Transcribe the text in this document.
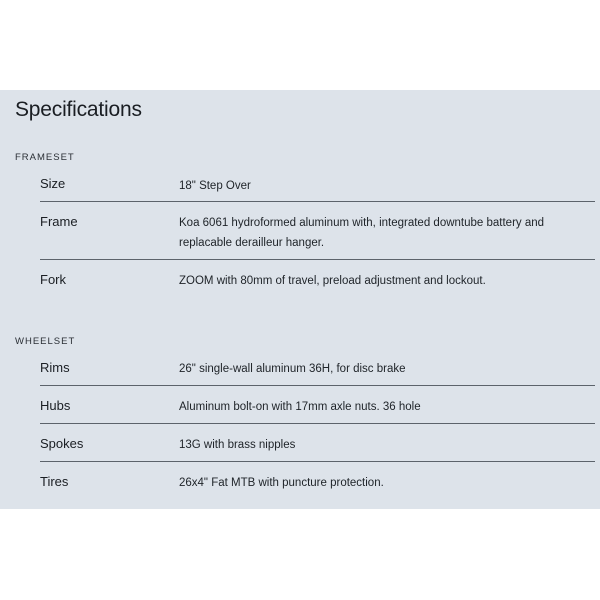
Specifications
FRAMESET
Size	18" Step Over
Frame	Koa 6061 hydroformed aluminum with, integrated downtube battery and replacable derailleur hanger.
Fork	ZOOM with 80mm of travel, preload adjustment and lockout.
WHEELSET
Rims	26" single-wall aluminum 36H, for disc brake
Hubs	Aluminum bolt-on with 17mm axle nuts. 36 hole
Spokes	13G with brass nipples
Tires	26x4" Fat MTB with puncture protection.
